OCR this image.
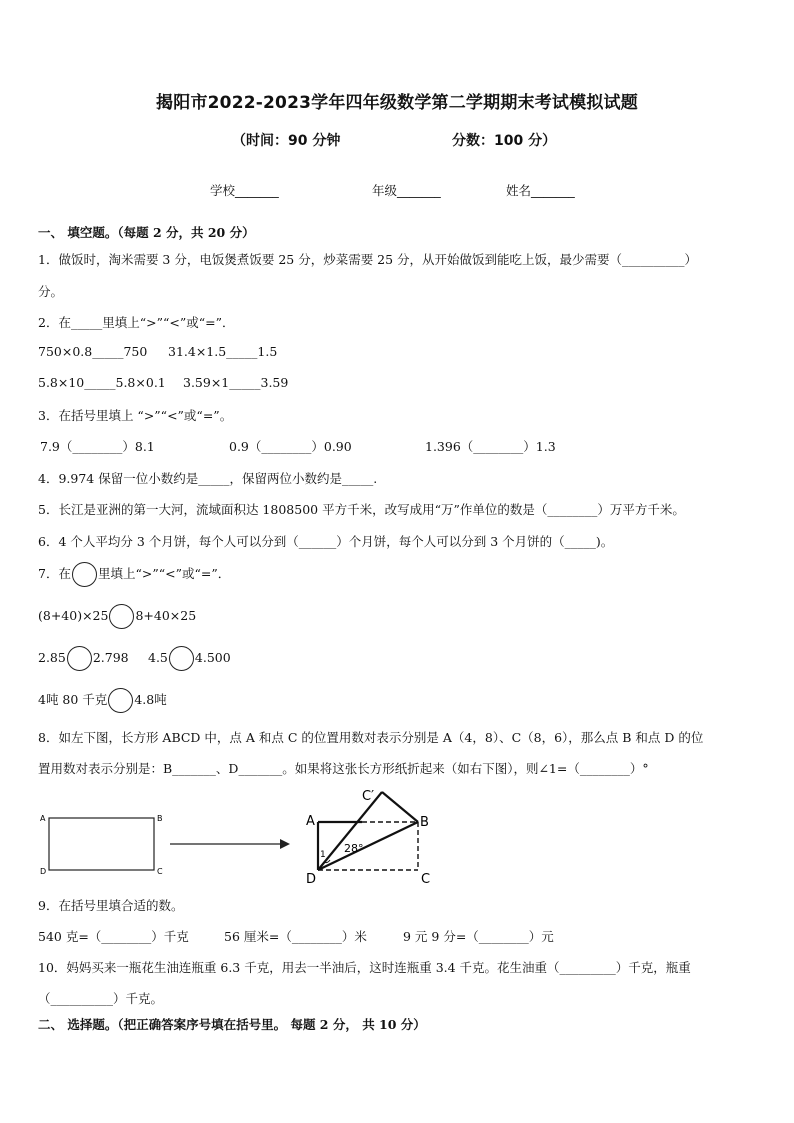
揭阳市2022-2023学年四年级数学第二学期期末考试模拟试题
（时间：90 分钟	分数：100 分）
学校_______	年级_______	姓名_______
一、 填空题。（每题 2 分，共 20 分）
1．做饭时，淘米需要 3 分，电饭煲煮饭要 25 分，炒菜需要 25 分，从开始做饭到能吃上饭，最少需要（__________）
分。
2．在_____里填上“>”“<”或“=”．
750×0.8_____750 31.4×1.5_____1.5
5.8×10_____5.8×0.1 3.59×1_____3.59
3．在括号里填上 “>”“<”或“=”。
7.9（________）8.1	0.9（________）0.90	1.396（________）1.3
4．9.974 保留一位小数约是_____，保留两位小数约是_____.
5．长江是亚洲的第一大河，流域面积达 1808500 平方千米，改写成用“万”作单位的数是（________）万平方千米。
6．4 个人平均分 3 个月饼，每个人可以分到（______）个月饼，每个人可以分到 3 个月饼的（_____)。
7．在 里填上“>”“<”或“=”．
(8+40)×25 8+40×25
2.85 2.798 4.5 4.500
4吨 80 千克 4.8吨
8．如左下图，长方形 ABCD 中，点 A 和点 C 的位置用数对表示分别是 A（4，8）、C（8，6），那么点 B 和点 D 的位
置用数对表示分别是：B_______、D_______。如果将这张长方形纸折起来（如右下图），则∠1=（________）°
A	B
C
D
A	B
C
D
C′
1 28°
9．在括号里填合适的数。
540 克=（________）千克	56 厘米=（________）米	9 元 9 分=（________）元
10．妈妈买来一瓶花生油连瓶重 6.3 千克，用去一半油后，这时连瓶重 3.4 千克。花生油重（_________）千克，瓶重
（__________）千克。
二、 选择题。（把正确答案序号填在括号里。 每题 2 分， 共 10 分）
